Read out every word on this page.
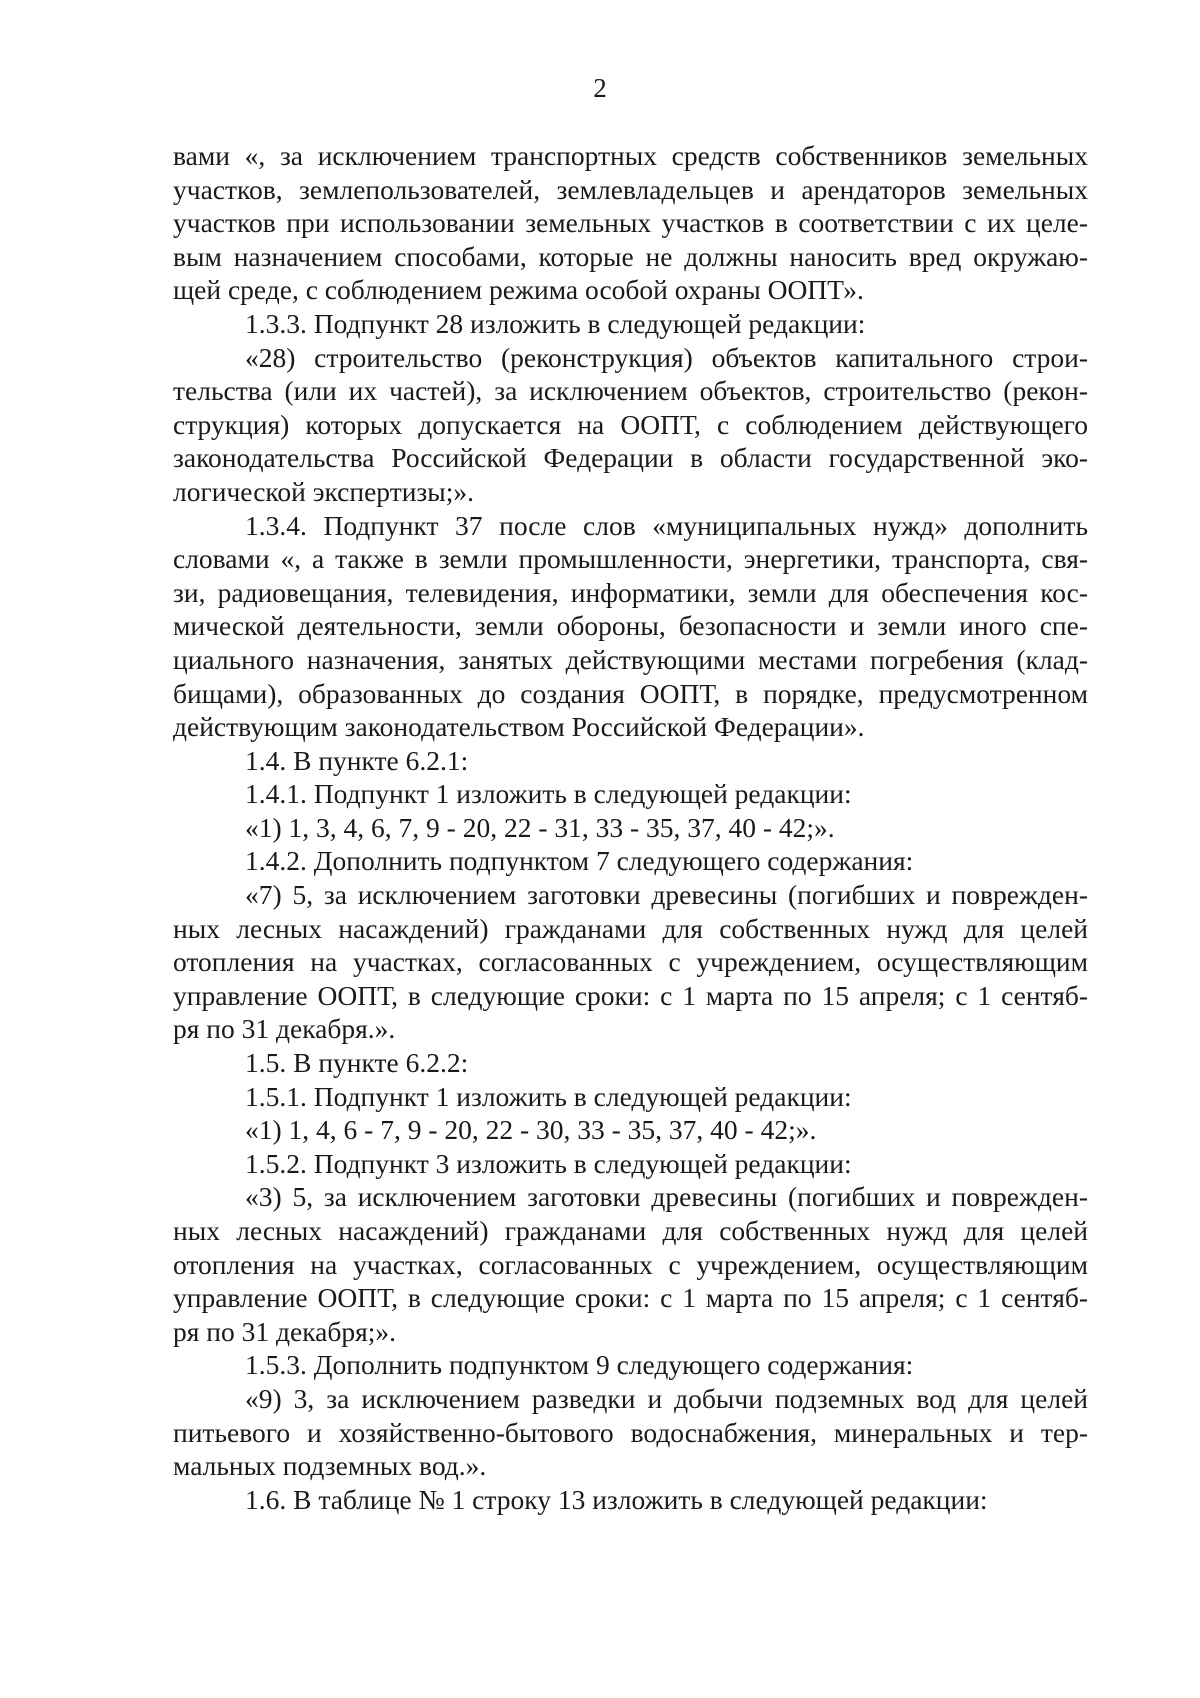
2
вами «, за исключением транспортных средств собственников земельных
участков, землепользователей, землевладельцев и арендаторов земельных
участков при использовании земельных участков в соответствии с их целе-
вым назначением способами, которые не должны наносить вред окружаю-
щей среде, с соблюдением режима особой охраны ООПТ».
1.3.3. Подпункт 28 изложить в следующей редакции:
«28) строительство (реконструкция) объектов капитального строи-
тельства (или их частей), за исключением объектов, строительство (рекон-
струкция) которых допускается на ООПТ, с соблюдением действующего
законодательства Российской Федерации в области государственной эко-
логической экспертизы;».
1.3.4. Подпункт 37 после слов «муниципальных нужд» дополнить
словами «, а также в земли промышленности, энергетики, транспорта, свя-
зи, радиовещания, телевидения, информатики, земли для обеспечения кос-
мической деятельности, земли обороны, безопасности и земли иного спе-
циального назначения, занятых действующими местами погребения (клад-
бищами), образованных до создания ООПТ, в порядке, предусмотренном
действующим законодательством Российской Федерации».
1.4. В пункте 6.2.1:
1.4.1. Подпункт 1 изложить в следующей редакции:
«1) 1, 3, 4, 6, 7, 9 - 20, 22 - 31, 33 - 35, 37, 40 - 42;».
1.4.2. Дополнить подпунктом 7 следующего содержания:
«7) 5, за исключением заготовки древесины (погибших и поврежден-
ных лесных насаждений) гражданами для собственных нужд для целей
отопления на участках, согласованных с учреждением, осуществляющим
управление ООПТ, в следующие сроки: с 1 марта по 15 апреля; с 1 сентяб-
ря по 31 декабря.».
1.5. В пункте 6.2.2:
1.5.1. Подпункт 1 изложить в следующей редакции:
«1) 1, 4, 6 - 7, 9 - 20, 22 - 30, 33 - 35, 37, 40 - 42;».
1.5.2. Подпункт 3 изложить в следующей редакции:
«3) 5, за исключением заготовки древесины (погибших и поврежден-
ных лесных насаждений) гражданами для собственных нужд для целей
отопления на участках, согласованных с учреждением, осуществляющим
управление ООПТ, в следующие сроки: с 1 марта по 15 апреля; с 1 сентяб-
ря по 31 декабря;».
1.5.3. Дополнить подпунктом 9 следующего содержания:
«9) 3, за исключением разведки и добычи подземных вод для целей
питьевого и хозяйственно-бытового водоснабжения, минеральных и тер-
мальных подземных вод.».
1.6. В таблице № 1 строку 13 изложить в следующей редакции:
